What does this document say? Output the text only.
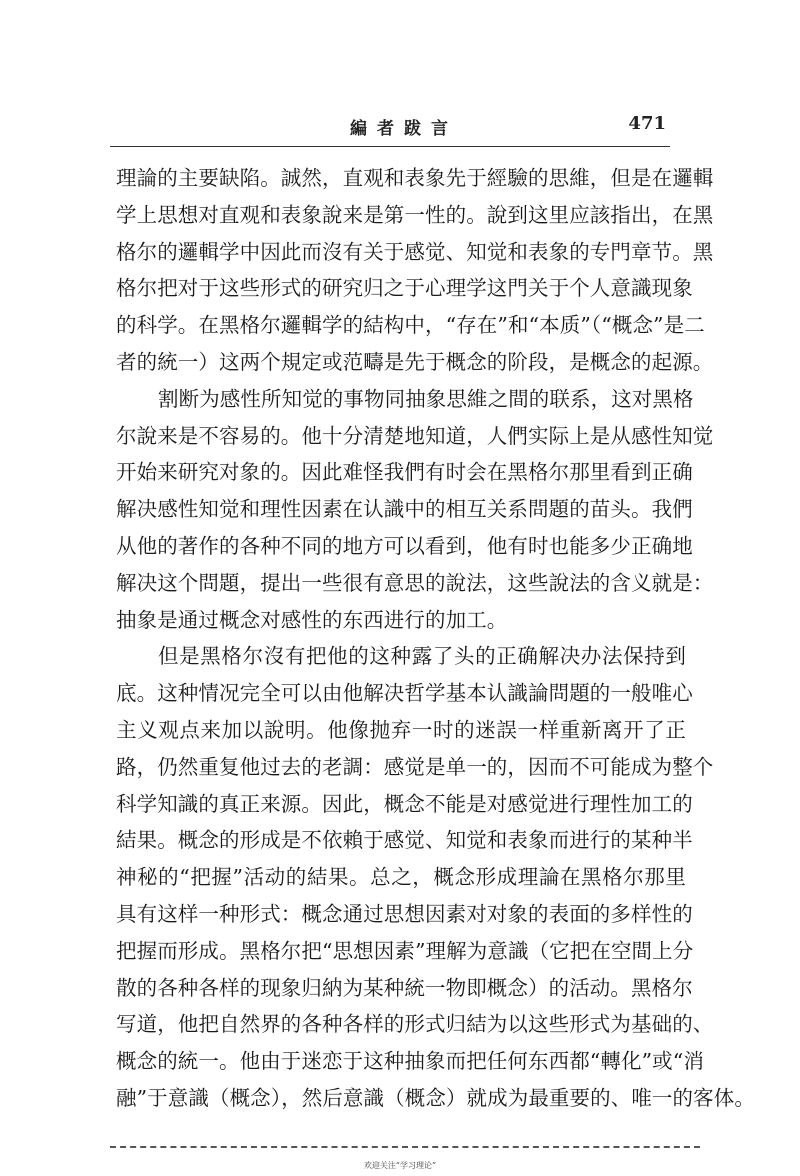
編者跋言	471

理論的主要缺陷。誠然，直观和表象先于經驗的思維，但是在邏輯

学上思想对直观和表象說来是第一性的。說到这里应該指出，在黑

格尔的邏輯学中因此而沒有关于感觉、知觉和表象的专門章节。黑

格尔把对于这些形式的研究归之于心理学这門关于个人意識现象

的科学。在黑格尔邏輯学的結构中，“存在”和“本质”（“概念”是二

者的統一）这两个規定或范疇是先于概念的阶段，是概念的起源。

割断为感性所知觉的事物同抽象思維之間的联系，这对黑格

尔說来是不容易的。他十分清楚地知道，人們实际上是从感性知觉

开始来研究对象的。因此难怪我們有时会在黑格尔那里看到正确

解决感性知觉和理性因素在认識中的相互关系問題的苗头。我們

从他的著作的各种不同的地方可以看到，他有时也能多少正确地

解决这个問題，提出一些很有意思的說法，这些說法的含义就是：

抽象是通过概念对感性的东西进行的加工。

但是黑格尔沒有把他的这种露了头的正确解决办法保持到

底。这种情况完全可以由他解决哲学基本认識論問題的一般唯心

主义观点来加以說明。他像抛弃一时的迷誤一样重新离开了正

路，仍然重复他过去的老調：感觉是单一的，因而不可能成为整个

科学知識的真正来源。因此，概念不能是对感觉进行理性加工的

結果。概念的形成是不依賴于感觉、知觉和表象而进行的某种半

神秘的“把握”活动的結果。总之，概念形成理論在黑格尔那里

具有这样一种形式：概念通过思想因素对对象的表面的多样性的

把握而形成。黑格尔把“思想因素”理解为意識（它把在空間上分

散的各种各样的现象归納为某种統一物即概念）的活动。黑格尔

写道，他把自然界的各种各样的形式归結为以这些形式为基础的、

概念的統一。他由于迷恋于这种抽象而把任何东西都“轉化”或“消

融”于意識（概念），然后意識（概念）就成为最重要的、唯一的客体。

欢迎关注“学习理论”
